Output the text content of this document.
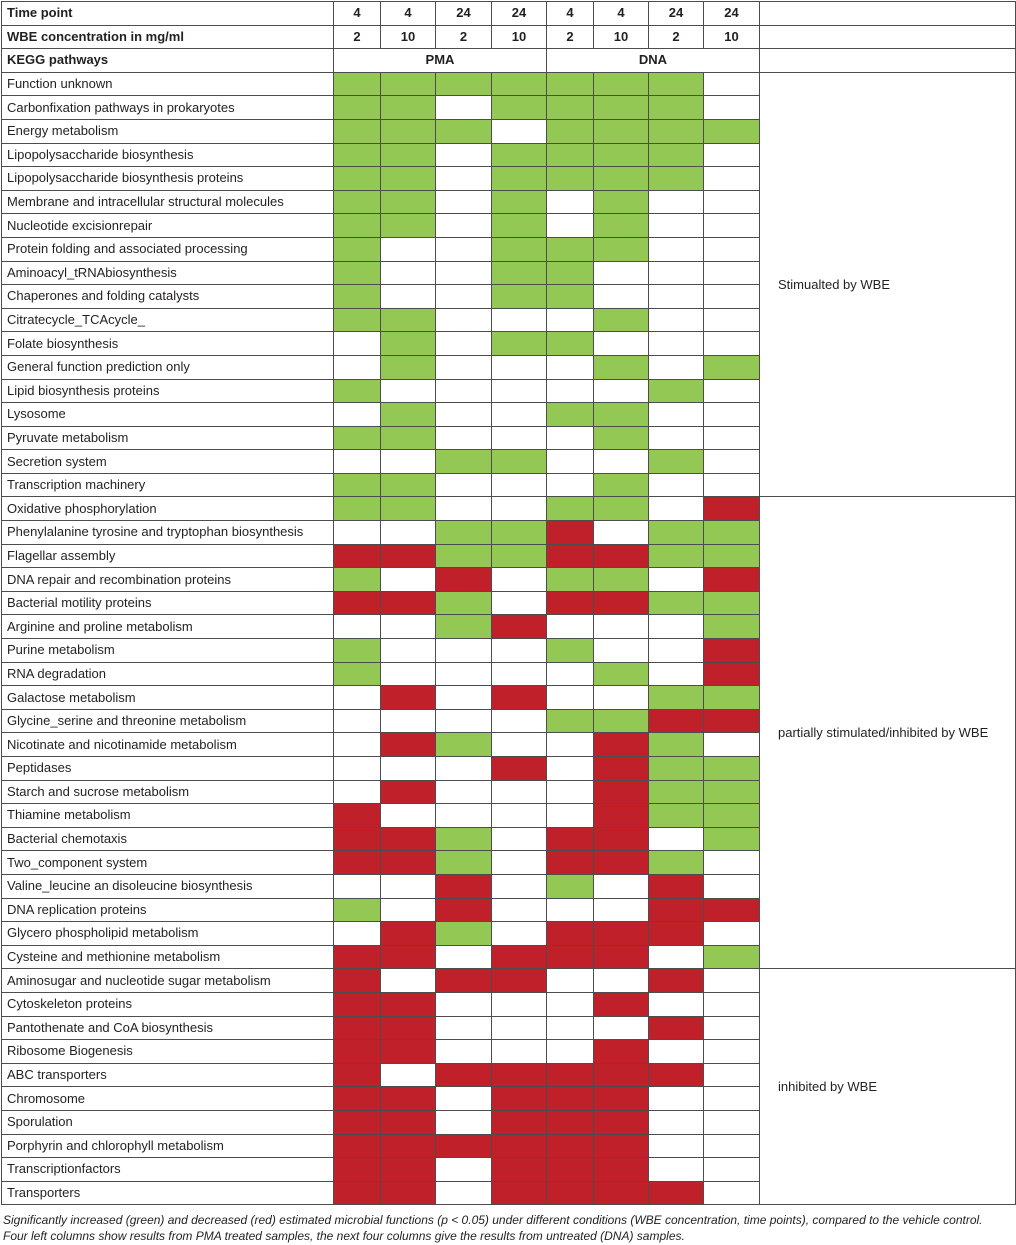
Time point	4	4	24	24	4	4	24	24	
WBE concentration in mg/ml	2	10	2	10	2	10	2	10	
KEGG pathways	PMA				DNA				
Function unknown									Stimualted by WBE
Carbonfixation pathways in prokaryotes									
Energy metabolism									
Lipopolysaccharide biosynthesis									
Lipopolysaccharide biosynthesis proteins									
Membrane and intracellular structural molecules									
Nucleotide excisionrepair									
Protein folding and associated processing									
Aminoacyl_tRNAbiosynthesis									
Chaperones and folding catalysts									
Citratecycle_TCAcycle_									
Folate biosynthesis									
General function prediction only									
Lipid biosynthesis proteins									
Lysosome									
Pyruvate metabolism									
Secretion system									
Transcription machinery									
Oxidative phosphorylation									partially stimulated/inhibited by WBE
Phenylalanine tyrosine and tryptophan biosynthesis									
Flagellar assembly									
DNA repair and recombination proteins									
Bacterial motility proteins									
Arginine and proline metabolism									
Purine metabolism									
RNA degradation									
Galactose metabolism									
Glycine_serine and threonine metabolism									
Nicotinate and nicotinamide metabolism									
Peptidases									
Starch and sucrose metabolism									
Thiamine metabolism									
Bacterial chemotaxis									
Two_component system									
Valine_leucine an disoleucine biosynthesis									
DNA replication proteins									
Glycero phospholipid metabolism									
Cysteine and methionine metabolism									
Aminosugar and nucleotide sugar metabolism									inhibited by WBE
Cytoskeleton proteins									
Pantothenate and CoA biosynthesis									
Ribosome Biogenesis									
ABC transporters									
Chromosome									
Sporulation									
Porphyrin and chlorophyll metabolism									
Transcriptionfactors									
Transporters									
Significantly increased (green) and decreased (red) estimated microbial functions (p < 0.05) under different conditions (WBE concentration, time points), compared to the vehicle control.
Four left columns show results from PMA treated samples, the next four columns give the results from untreated (DNA) samples.
